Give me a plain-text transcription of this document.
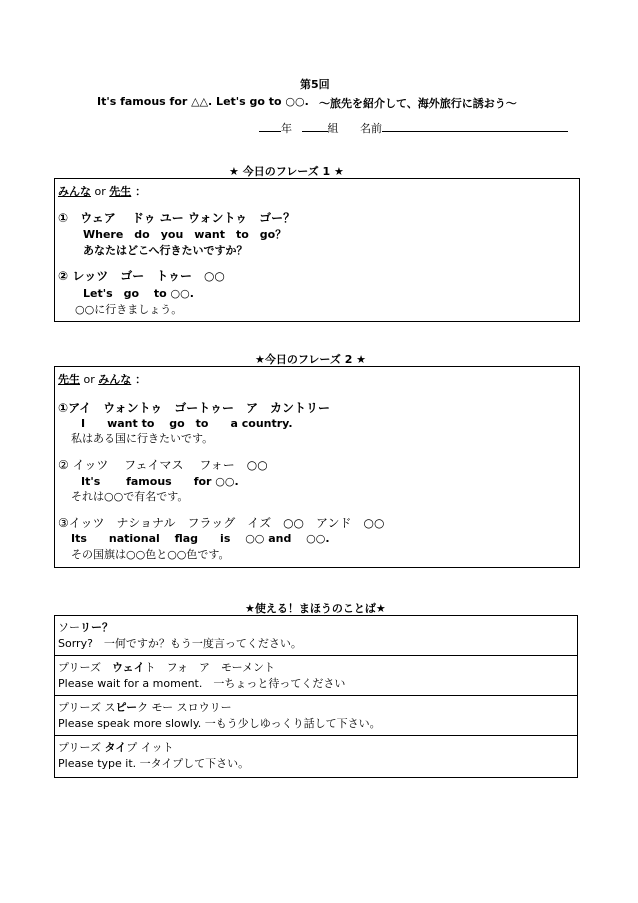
第5回
It's famous for △△. Let's go to ○○. ～旅先を紹介して、海外旅行に誘おう～
年	組 名前
★ 今日のフレーズ 1 ★
みんな or 先生 ：
①　 ウェア　 ドゥ ユー ウォントゥ　ゴー？
Where　do　you　want　to　go？
あなたはどこへ行きたいですか？
② レッツ　ゴー　トゥー　○○
Let's　go　 to ○○.
○○に行きましょう。
★今日のフレーズ 2 ★
先生 or みんな ：
①アイ　ウォントゥ　ゴートゥー　ア　カントリー
I　　want to　 go　to　　a country.
私はある国に行きたいです。
② イッツ　 フェイマス　 フォー　○○
It's　　 famous　　for ○○.
それは○○で有名です。
③イッツ　ナショナル　フラッグ　イズ　○○　アンド　○○
Its　　national　 flag　　is　 ○○ and　 ○○.
その国旗は○○色と○○色です。
★使える！まほうのことば★
ソーリー？
Sorry?　一何ですか？もう一度言ってください。
プリーズ　ウェイト　フォ　ア　モーメント
Please wait for a moment.　一ちょっと待ってください
プリーズ スピーク モー スロウリー
Please speak more slowly. 一もう少しゆっくり話して下さい。
プリーズ タイプ イット
Please type it. 一タイプして下さい。
